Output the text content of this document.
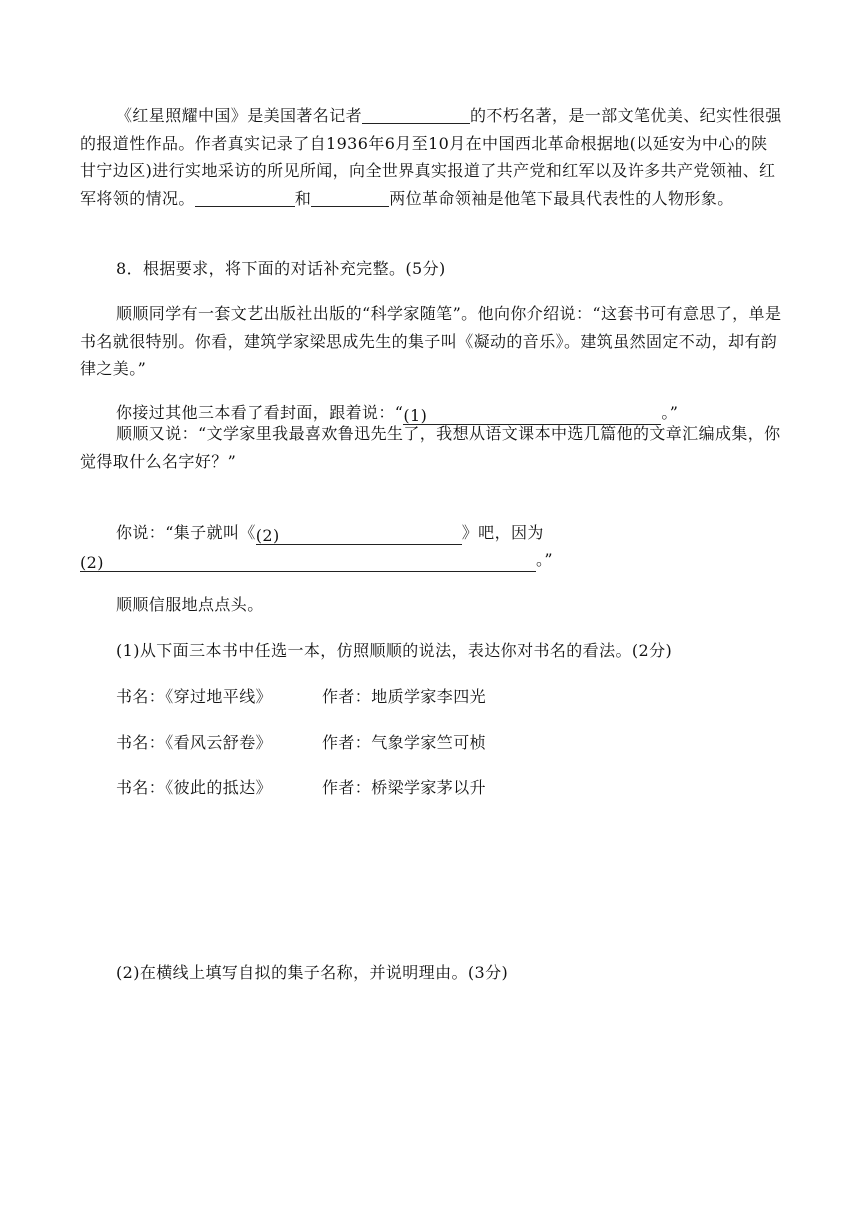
《红星照耀中国》是美国著名记者	的不朽名著，是一部文笔优美、纪实性很强的报道性作品。作者真实记录了自1936年6月至10月在中国西北革命根据地(以延安为中心的陕甘宁边区)进行实地采访的所见所闻，向全世界真实报道了共产党和红军以及许多共产党领袖、红军将领的情况。	和	两位革命领袖是他笔下最具代表性的人物形象。
8．根据要求，将下面的对话补充完整。(5分)
顺顺同学有一套文艺出版社出版的“科学家随笔”。他向你介绍说：“这套书可有意思了，单是书名就很特别。你看，建筑学家梁思成先生的集子叫《凝动的音乐》。建筑虽然固定不动，却有韵律之美。”
你接过其他三本看了看封面，跟着说：“(1)	。”
顺顺又说：“文学家里我最喜欢鲁迅先生了，我想从语文课本中选几篇他的文章汇编成集，你觉得取什么名字好？”
你说：“集子就叫《(2)	》吧，因为
(2)	。”
顺顺信服地点点头。
(1)从下面三本书中任选一本，仿照顺顺的说法，表达你对书名的看法。(2分)
书名：《穿过地平线》	作者：地质学家李四光
书名：《看风云舒卷》	作者：气象学家竺可桢
书名：《彼此的抵达》	作者：桥梁学家茅以升
(2)在横线上填写自拟的集子名称，并说明理由。(3分)
